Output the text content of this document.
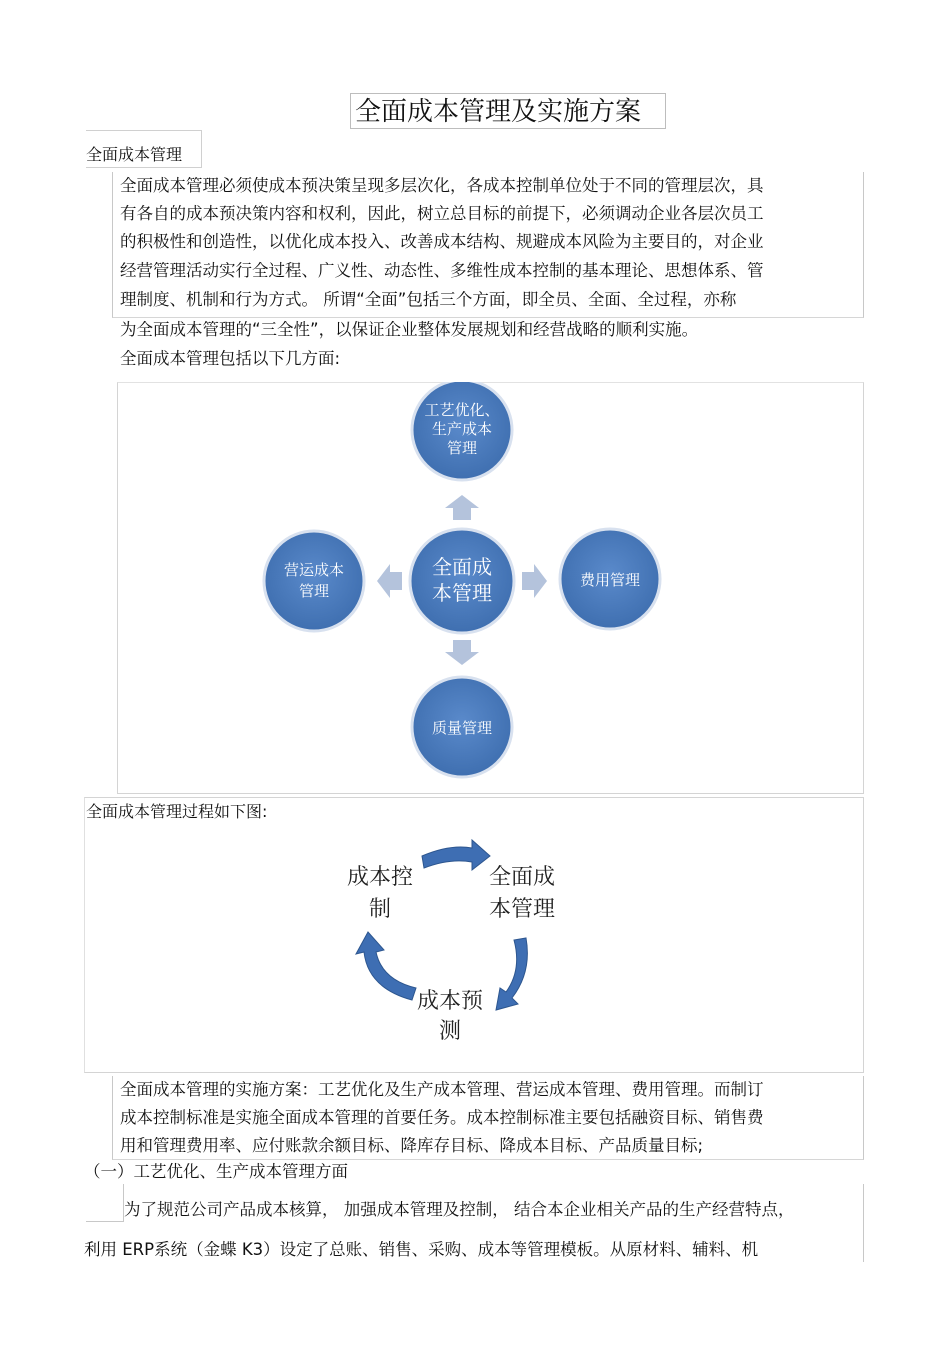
全面成本管理及实施方案
全面成本管理
全面成本管理必须使成本预决策呈现多层次化，各成本控制单位处于不同的管理层次，具
有各自的成本预决策内容和权利，因此，树立总目标的前提下，必须调动企业各层次员工
的积极性和创造性，以优化成本投入、改善成本结构、规避成本风险为主要目的，对企业
经营管理活动实行全过程、广义性、动态性、多维性成本控制的基本理论、思想体系、管
理制度、机制和行为方式。 所谓“全面”包括三个方面，即全员、全面、全过程，亦称
为全面成本管理的“三全性”，以保证企业整体发展规划和经营战略的顺利实施。
全面成本管理包括以下几方面:
工艺优化、
生产成本
管理
营运成本
管理
全面成
本管理
费用管理
质量管理
全面成本管理过程如下图:
成本控
制
全面成
本管理
成本预
测
全面成本管理的实施方案：工艺优化及生产成本管理、营运成本管理、费用管理。而制订
成本控制标准是实施全面成本管理的首要任务。成本控制标准主要包括融资目标、销售费
用和管理费用率、应付账款余额目标、降库存目标、降成本目标、产品质量目标;
（一）工艺优化、生产成本管理方面
为了规范公司产品成本核算， 加强成本管理及控制， 结合本企业相关产品的生产经营特点，
利用 ERP系统（金蝶 K3）设定了总账、销售、采购、成本等管理模板。从原材料、辅料、机
